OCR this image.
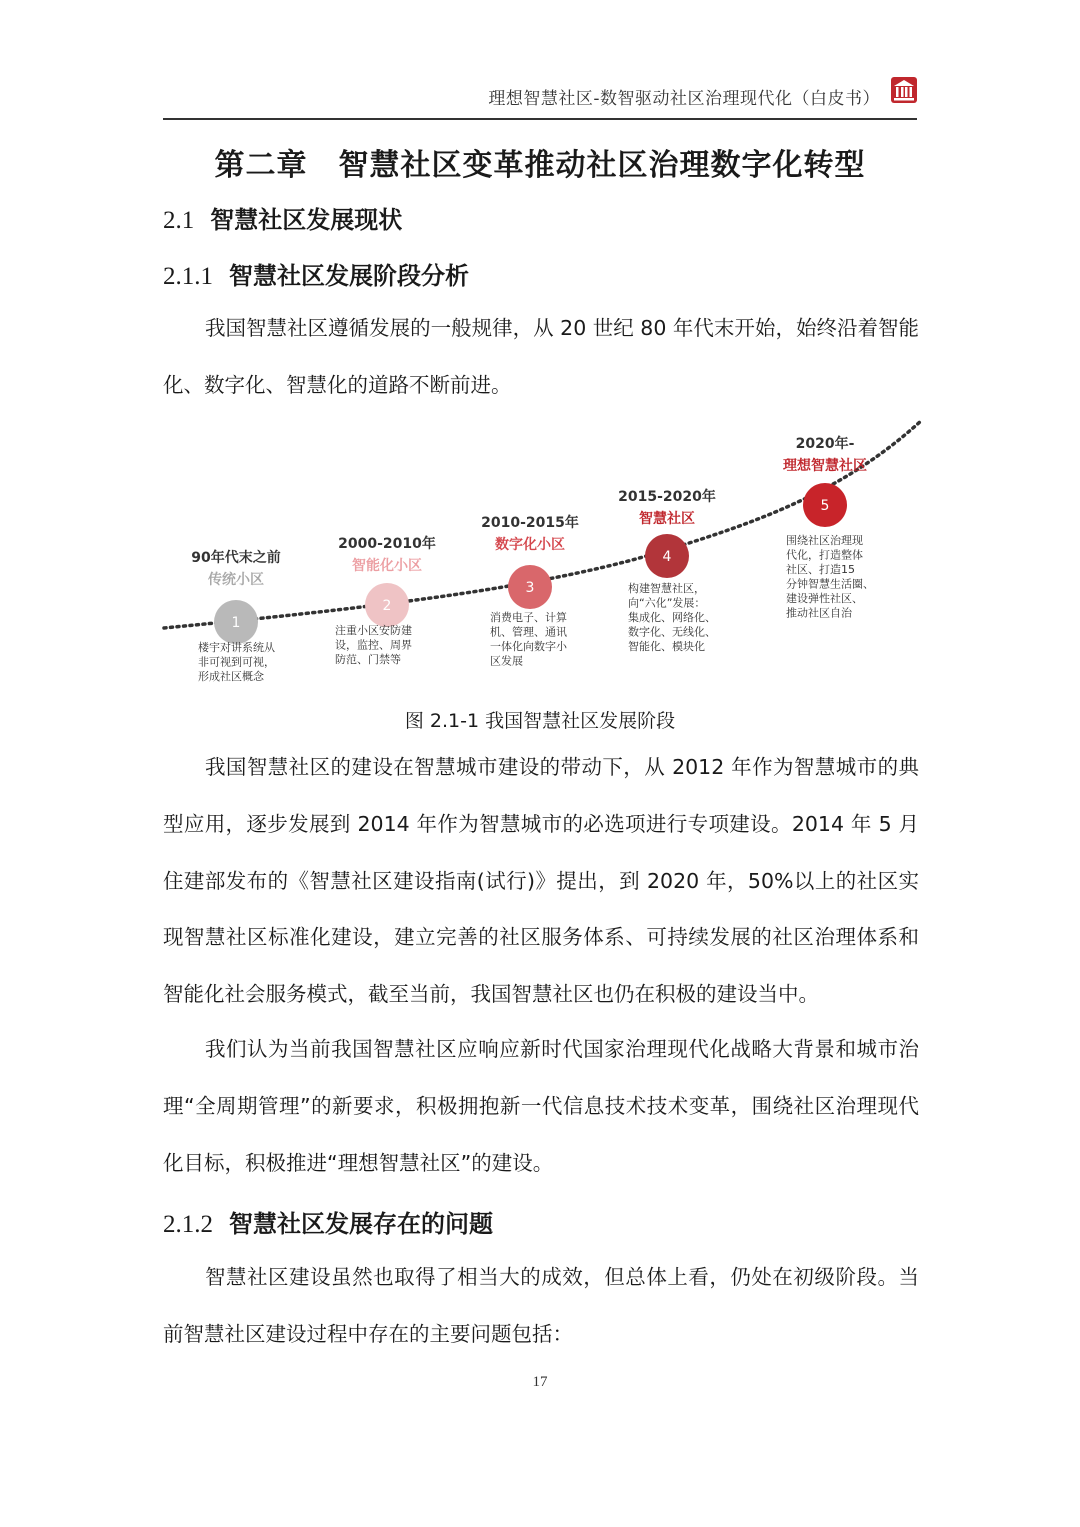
理想智慧社区-数智驱动社区治理现代化（白皮书）
第二章　智慧社区变革推动社区治理数字化转型
2.1 智慧社区发展现状
2.1.1 智慧社区发展阶段分析

我国智慧社区遵循发展的一般规律，从 20 世纪 80 年代末开始，始终沿着智能化、数字化、智慧化的道路不断前进。

90年代末之前
传统小区
1
楼宇对讲系统从
非可视到可视，
形成社区概念
2000-2010年
智能化小区
2
注重小区安防建
设，监控、周界
防范、门禁等
2010-2015年
数字化小区
3
消费电子、计算
机、管理、通讯
一体化向数字小
区发展
2015-2020年
智慧社区
4
构建智慧社区，
向“六化”发展：
集成化、网络化、
数字化、无线化、
智能化、模块化
2020年-
理想智慧社区
5
围绕社区治理现
代化，打造整体
社区、打造15
分钟智慧生活圈、
建设弹性社区、
推动社区自治
图 2.1-1 我国智慧社区发展阶段

我国智慧社区的建设在智慧城市建设的带动下，从 2012 年作为智慧城市的典型应用，逐步发展到 2014 年作为智慧城市的必选项进行专项建设。2014 年 5 月住建部发布的《智慧社区建设指南(试行)》提出，到 2020 年，50%以上的社区实现智慧社区标准化建设，建立完善的社区服务体系、可持续发展的社区治理体系和智能化社会服务模式，截至当前，我国智慧社区也仍在积极的建设当中。

我们认为当前我国智慧社区应响应新时代国家治理现代化战略大背景和城市治理“全周期管理”的新要求，积极拥抱新一代信息技术技术变革，围绕社区治理现代化目标，积极推进“理想智慧社区”的建设。

2.1.2 智慧社区发展存在的问题

智慧社区建设虽然也取得了相当大的成效，但总体上看，仍处在初级阶段。当前智慧社区建设过程中存在的主要问题包括：

17
